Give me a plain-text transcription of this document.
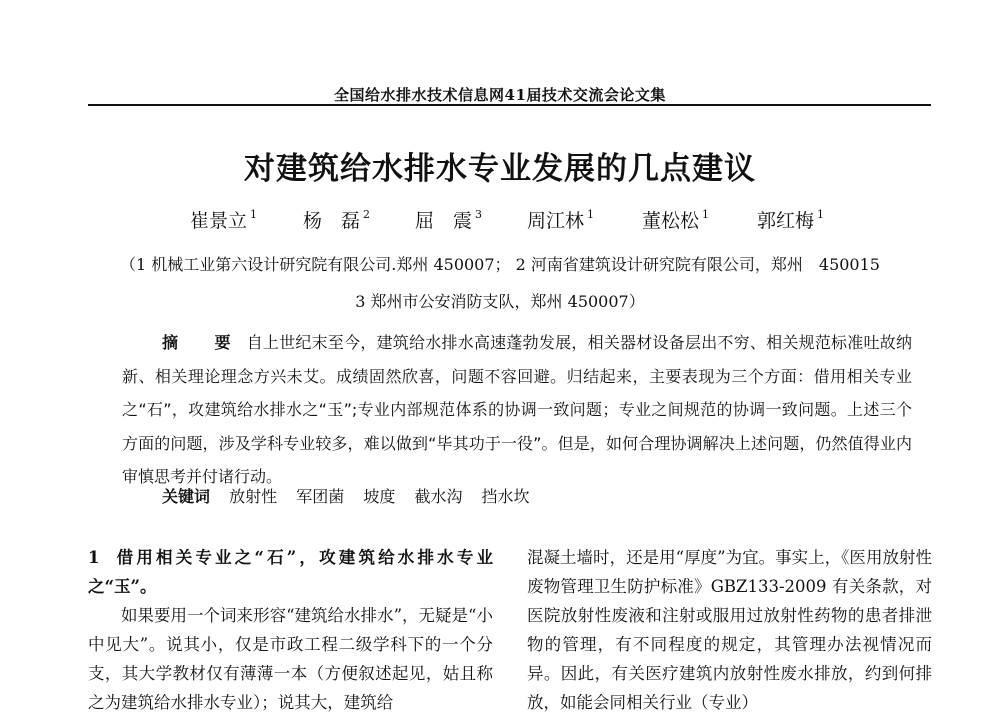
全国给水排水技术信息网41届技术交流会论文集
对建筑给水排水专业发展的几点建议
崔景立 $^1$ 杨　磊 $^2$ 屈　震 $^3$ 周江林 $^1$	董松松 $^1$	郭红梅 $^1$
（1 机械工业第六设计研究院有限公司.郑州 450007； 2 河南省建筑设计研究院有限公司，郑州　450015
3 郑州市公安消防支队，郑州 450007）
摘　要 自上世纪末至今，建筑给水排水高速蓬勃发展，相关器材设备层出不穷、相关规范标准吐故纳新、相关理论理念方兴未艾。成绩固然欣喜，问题不容回避。归结起来，主要表现为三个方面：借用相关专业之“石”，攻建筑给水排水之“玉”;专业内部规范体系的协调一致问题；专业之间规范的协调一致问题。上述三个方面的问题，涉及学科专业较多，难以做到“毕其功于一役”。但是，如何合理协调解决上述问题，仍然值得业内审慎思考并付诸行动。
关键词 放射性 军团菌 坡度 截水沟 挡水坎
1 借用相关专业之“石”，攻建筑给水排水专业之“玉”。

如果要用一个词来形容“建筑给水排水”，无疑是“小中见大”。说其小，仅是市政工程二级学科下的一个分支，其大学教材仅有薄薄一本（方便叙述起见，姑且称之为建筑给水排水专业）；说其大，建筑给

混凝土墙时，还是用“厚度”为宜。事实上，《医用放射性废物管理卫生防护标准》GBZ133-2009 有关条款，对医院放射性废液和注射或服用过放射性药物的患者排泄物的管理，有不同程度的规定，其管理办法视情况而异。因此，有关医疗建筑内放射性废水排放，约到何排放，如能会同相关行业（专业）
